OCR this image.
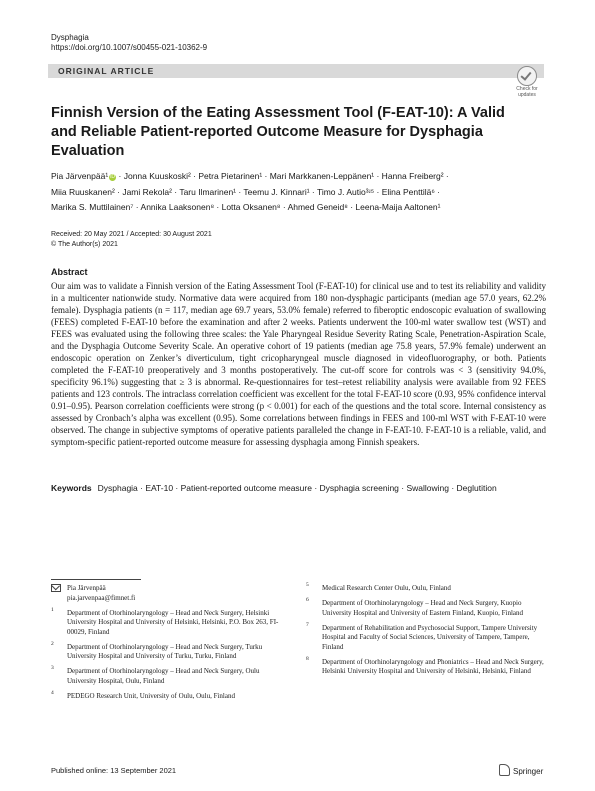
Dysphagia
https://doi.org/10.1007/s00455-021-10362-9
ORIGINAL ARTICLE
Check for updates
Finnish Version of the Eating Assessment Tool (F-EAT-10): A Valid and Reliable Patient-reported Outcome Measure for Dysphagia Evaluation
Pia Järvenpää¹ iD · Jonna Kuuskoski² · Petra Pietarinen¹ · Mari Markkanen-Leppänen¹ · Hanna Freiberg² ·
Miia Ruuskanen² · Jami Rekola² · Taru Ilmarinen¹ · Teemu J. Kinnari¹ · Timo J. Autio³ʴ⁵ · Elina Penttilä⁶ ·
Marika S. Muttilainen⁷ · Annika Laaksonen⁸ · Lotta Oksanen⁸ · Ahmed Geneid⁸ · Leena-Maija Aaltonen¹
Received: 20 May 2021 / Accepted: 30 August 2021
© The Author(s) 2021
Abstract
Our aim was to validate a Finnish version of the Eating Assessment Tool (F-EAT-10) for clinical use and to test its reliability and validity in a multicenter nationwide study. Normative data were acquired from 180 non-dysphagic participants (median age 57.0 years, 62.2% female). Dysphagia patients (n = 117, median age 69.7 years, 53.0% female) referred to fiberoptic endoscopic evaluation of swallowing (FEES) completed F-EAT-10 before the examination and after 2 weeks. Patients underwent the 100-ml water swallow test (WST) and FEES was evaluated using the following three scales: the Yale Pharyngeal Residue Severity Rating Scale, Penetration-Aspiration Scale, and the Dysphagia Outcome Severity Scale. An operative cohort of 19 patients (median age 75.8 years, 57.9% female) underwent an endoscopic operation on Zenker’s diverticulum, tight cricopharyngeal muscle diagnosed in videofluorography, or both. Patients completed the F-EAT-10 preoperatively and 3 months postoperatively. The cut-off score for controls was < 3 (sensitivity 94.0%, specificity 96.1%) suggesting that ≥ 3 is abnormal. Re-questionnaires for test–retest reliability analysis were available from 92 FEES patients and 123 controls. The intraclass correlation coefficient was excellent for the total F-EAT-10 score (0.93, 95% confidence interval 0.91–0.95). Pearson correlation coefficients were strong (p < 0.001) for each of the questions and the total score. Internal consistency as assessed by Cronbach’s alpha was excellent (0.95). Some correlations between findings in FEES and 100-ml WST with F-EAT-10 were observed. The change in subjective symptoms of operative patients paralleled the change in F-EAT-10. F-EAT-10 is a reliable, valid, and symptom-specific patient-reported outcome measure for assessing dysphagia among Finnish speakers.
Keywords Dysphagia · EAT-10 · Patient-reported outcome measure · Dysphagia screening · Swallowing · Deglutition
Pia Järvenpää
pia.jarvenpaa@fimnet.fi
1 Department of Otorhinolaryngology – Head and Neck Surgery, Helsinki University Hospital and University of Helsinki, Helsinki, P.O. Box 263, FI-00029, Finland
2 Department of Otorhinolaryngology – Head and Neck Surgery, Turku University Hospital and University of Turku, Turku, Finland
3 Department of Otorhinolaryngology – Head and Neck Surgery, Oulu University Hospital, Oulu, Finland
4 PEDEGO Research Unit, University of Oulu, Oulu, Finland
5 Medical Research Center Oulu, Oulu, Finland
6 Department of Otorhinolaryngology – Head and Neck Surgery, Kuopio University Hospital and University of Eastern Finland, Kuopio, Finland
7 Department of Rehabilitation and Psychosocial Support, Tampere University Hospital and Faculty of Social Sciences, University of Tampere, Tampere, Finland
8 Department of Otorhinolaryngology and Phoniatrics – Head and Neck Surgery, Helsinki University Hospital and University of Helsinki, Helsinki, Finland
Published online: 13 September 2021	Springer
